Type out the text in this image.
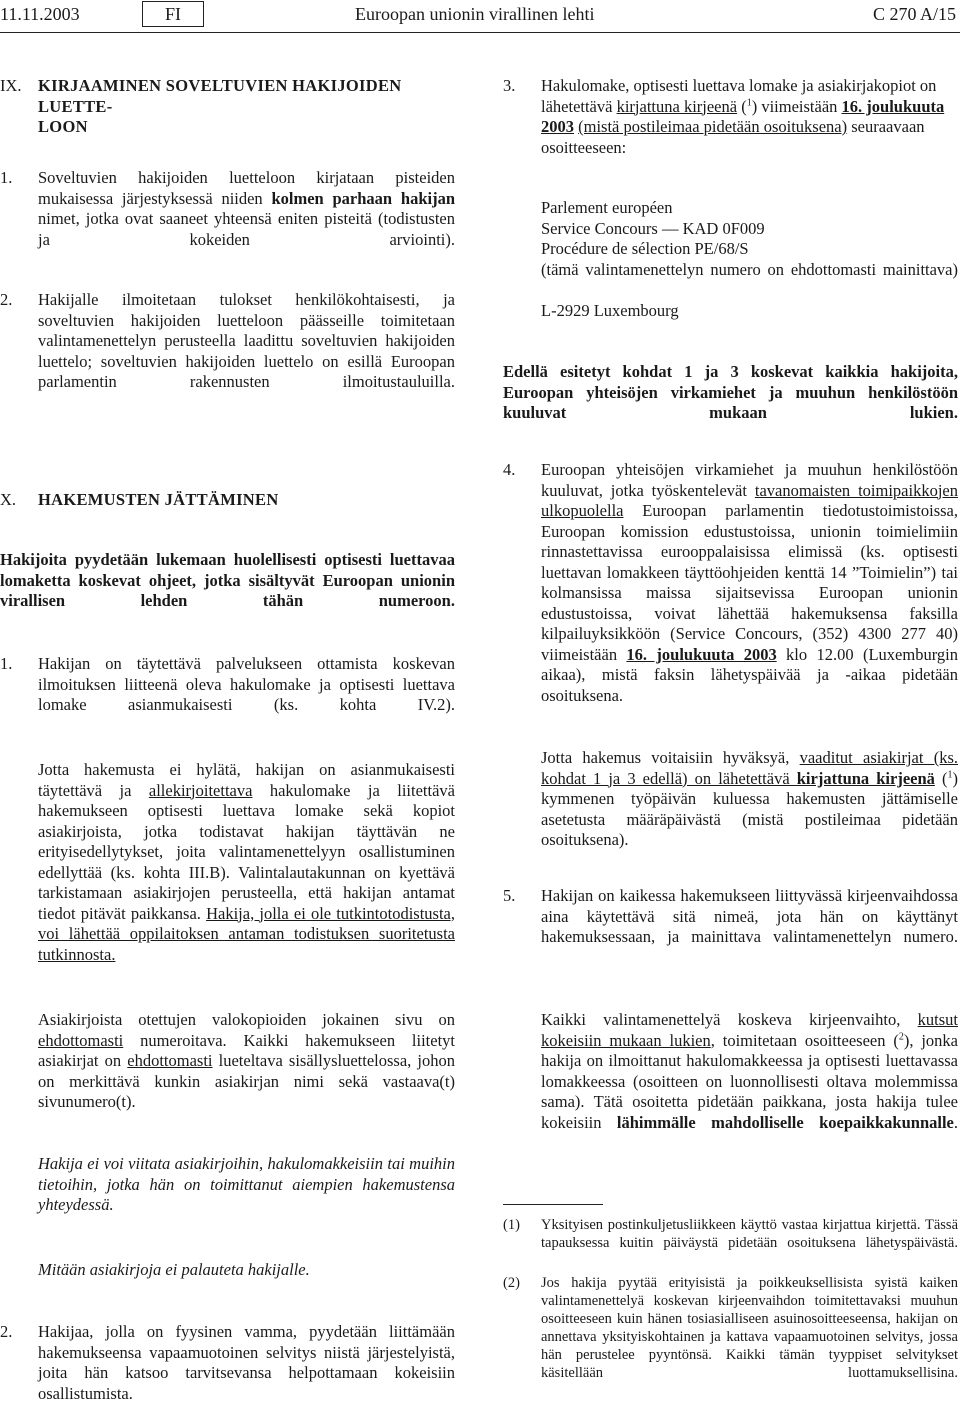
11.11.2003	FI	Euroopan unionin virallinen lehti	C 270 A/15
IX. KIRJAAMINEN SOVELTUVIEN HAKIJOIDEN LUETTE-
LOON
1.	Soveltuvien hakijoiden luetteloon kirjataan pisteiden mukaisessa järjestyksessä niiden kolmen parhaan hakijan nimet, jotka ovat saaneet yhteensä eniten pisteitä (todistusten ja kokeiden arviointi).

2.	Hakijalle ilmoitetaan tulokset henkilökohtaisesti, ja soveltuvien hakijoiden luetteloon päässeille toimitetaan valintamenettelyn perusteella laadittu soveltuvien hakijoiden luettelo; soveltuvien hakijoiden luettelo on esillä Euroopan parlamentin rakennusten ilmoitustauluilla.

X.	HAKEMUSTEN JÄTTÄMINEN

Hakijoita pyydetään lukemaan huolellisesti optisesti luettavaa lomaketta koskevat ohjeet, jotka sisältyvät Euroopan unionin virallisen lehden tähän numeroon.

1.	Hakijan on täytettävä palvelukseen ottamista koskevan ilmoituksen liitteenä oleva hakulomake ja optisesti luettava lomake asianmukaisesti (ks. kohta IV.2).

Jotta hakemusta ei hylätä, hakijan on asianmukaisesti täytettävä ja allekirjoitettava hakulomake ja liitettävä hakemukseen optisesti luettava lomake sekä kopiot asiakirjoista, jotka todistavat hakijan täyttävän ne erityisedellytykset, joita valintamenettelyyn osallistuminen edellyttää (ks. kohta III.B). Valintalautakunnan on kyettävä tarkistamaan asiakirjojen perusteella, että hakijan antamat tiedot pitävät paikkansa. Hakija, jolla ei ole tutkintotodistusta, voi lähettää oppilaitoksen antaman todistuksen suoritetusta tutkinnosta.

Asiakirjoista otettujen valokopioiden jokainen sivu on ehdottomasti numeroitava. Kaikki hakemukseen liitetyt asiakirjat on ehdottomasti lueteltava sisällysluettelossa, johon on merkittävä kunkin asiakirjan nimi sekä vastaava(t) sivunumero(t).

Hakija ei voi viitata asiakirjoihin, hakulomakkeisiin tai muihin tietoihin, jotka hän on toimittanut aiempien hakemustensa yhteydessä.

Mitään asiakirjoja ei palauteta hakijalle.

2.	Hakijaa, jolla on fyysinen vamma, pyydetään liittämään hakemukseensa vapaamuotoinen selvitys niistä järjestelyistä, joita hän katsoo tarvitsevansa helpottamaan kokeisiin osallistumista.

3.	Hakulomake, optisesti luettava lomake ja asiakirjakopiot on lähetettävä kirjattuna kirjeenä ($^1$) viimeistään 16. joulukuuta 2003 (mistä postileimaa pidetään osoituksena) seuraavaan osoitteeseen:

Parlement européen
Service Concours — KAD 0F009
Procédure de sélection PE/68/S
(tämä valintamenettelyn numero on ehdottomasti mainittava)
L-2929 Luxembourg

Edellä esitetyt kohdat 1 ja 3 koskevat kaikkia hakijoita, Euroopan yhteisöjen virkamiehet ja muuhun henkilöstöön kuuluvat mukaan lukien.

4.	Euroopan yhteisöjen virkamiehet ja muuhun henkilöstöön kuuluvat, jotka työskentelevät tavanomaisten toimipaikkojen ulkopuolella Euroopan parlamentin tiedotustoimistoissa, Euroopan komission edustustoissa, unionin toimielimiin rinnastettavissa eurooppalaisissa elimissä (ks. optisesti luettavan lomakkeen täyttöohjeiden kenttä 14 ”Toimielin”) tai kolmansissa maissa sijaitsevissa Euroopan unionin edustustoissa, voivat lähettää hakemuksensa faksilla kilpailuyksikköön (Service Concours, (352) 4300 277 40) viimeistään 16. joulukuuta 2003 klo 12.00 (Luxemburgin aikaa), mistä faksin lähetyspäivää ja -aikaa pidetään osoituksena.

Jotta hakemus voitaisiin hyväksyä, vaaditut asiakirjat (ks. kohdat 1 ja 3 edellä) on lähetettävä kirjattuna kirjeenä ($^1$) kymmenen työpäivän kuluessa hakemusten jättämiselle asetetusta määräpäivästä (mistä postileimaa pidetään osoituksena).

5.	Hakijan on kaikessa hakemukseen liittyvässä kirjeenvaihdossa aina käytettävä sitä nimeä, jota hän on käyttänyt hakemuksessaan, ja mainittava valintamenettelyn numero.

Kaikki valintamenettelyä koskeva kirjeenvaihto, kutsut kokeisiin mukaan lukien, toimitetaan osoitteeseen ($^2$), jonka hakija on ilmoittanut hakulomakkeessa ja optisesti luettavassa lomakkeessa (osoitteen on luonnollisesti oltava molemmissa sama). Tätä osoitetta pidetään paikkana, josta hakija tulee kokeisiin lähimmälle mahdolliselle koepaikkakunnalle.

(1)	Yksityisen postinkuljetusliikkeen käyttö vastaa kirjattua kirjettä. Tässä tapauksessa kuitin päiväystä pidetään osoituksena lähetyspäivästä.

(2)	Jos hakija pyytää erityisistä ja poikkeuksellisista syistä kaiken valintamenettelyä koskevan kirjeenvaihdon toimitettavaksi muuhun osoitteeseen kuin hänen tosiasialliseen asuinosoitteeseensa, hakijan on annettava yksityiskohtainen ja kattava vapaamuotoinen selvitys, jossa hän perustelee pyyntönsä. Kaikki tämän tyyppiset selvitykset käsitellään luottamuksellisina.
